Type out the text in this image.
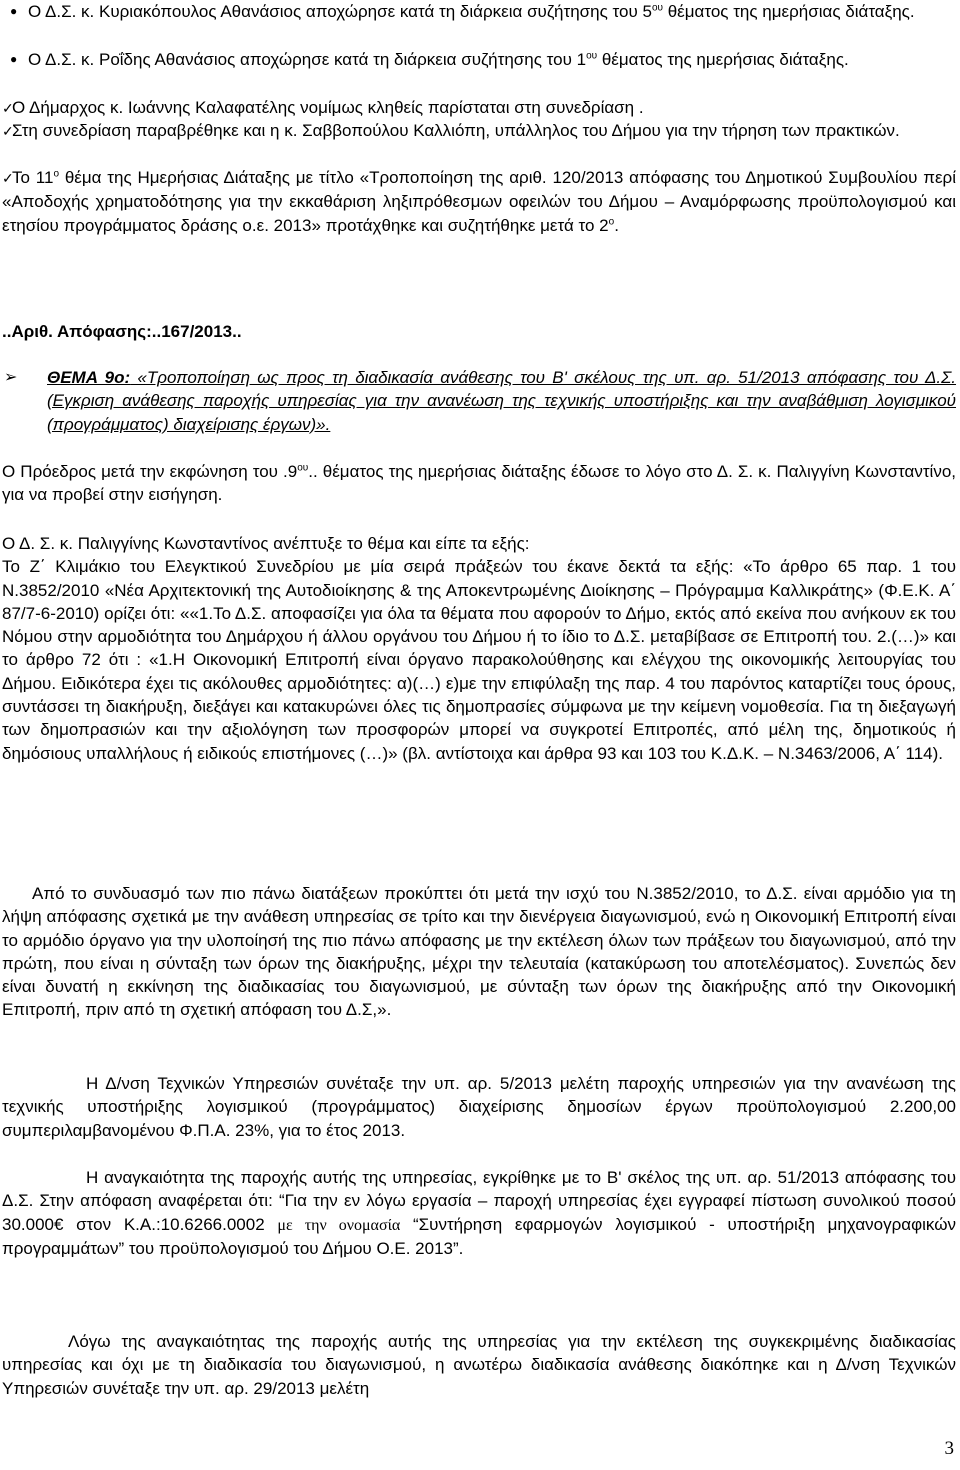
● Ο Δ.Σ. κ. Κυριακόπουλος Αθανάσιος αποχώρησε κατά τη διάρκεια συζήτησης του $5^{o\upsilon}$ θέματος της ημερήσιας διάταξης.
● Ο Δ.Σ. κ. Ροΐδης Αθανάσιος αποχώρησε κατά τη διάρκεια συζήτησης του $1^{o\upsilon}$ θέματος της ημερήσιας διάταξης.
✓Ο Δήμαρχος κ. Ιωάννης Καλαφατέλης νομίμως κληθείς παρίσταται στη συνεδρίαση .
✓Στη συνεδρίαση παραβρέθηκε και η κ. Σαββοπούλου Καλλιόπη, υπάλληλος του Δήμου για την τήρηση των πρακτικών.
✓Το $11^o$ θέμα της Ημερήσιας Διάταξης με τίτλο «Τροποποίηση της αριθ. 120/2013 απόφασης του Δημοτικού Συμβουλίου περί «Αποδοχής χρηματοδότησης για την εκκαθάριση ληξιπρόθεσμων οφειλών του Δήμου – Αναμόρφωσης προϋπολογισμού και ετησίου προγράμματος δράσης ο.ε. 2013» προτάχθηκε και συζητήθηκε μετά το $2^o$.
..Αριθ. Απόφασης:..167/2013..
➢ ΘΕΜΑ 9ο: «Τροποποίηση ως προς τη διαδικασία ανάθεσης του Β' σκέλους της υπ. αρ. 51/2013 απόφασης του Δ.Σ. (Εγκριση ανάθεσης παροχής υπηρεσίας για την ανανέωση της τεχνικής υποστήριξης και την αναβάθμιση λογισμικού (προγράμματος) διαχείρισης έργων)».
Ο Πρόεδρος μετά την εκφώνηση του $.9^{o\upsilon}$.. θέματος της ημερήσιας διάταξης έδωσε το λόγο στο Δ. Σ. κ. Παλιγγίνη Κωνσταντίνο, για να προβεί στην εισήγηση.
Ο Δ. Σ. κ. Παλιγγίνης Κωνσταντίνος ανέπτυξε το θέμα και είπε τα εξής:
Το Ζ΄ Κλιμάκιο του Ελεγκτικού Συνεδρίου με μία σειρά πράξεών του έκανε δεκτά τα εξής: «Το άρθρο 65 παρ. 1 του Ν.3852/2010 «Νέα Αρχιτεκτονική της Αυτοδιοίκησης & της Αποκεντρωμένης Διοίκησης – Πρόγραμμα Καλλικράτης» (Φ.Ε.Κ. Α΄ 87/7-6-2010) ορίζει ότι: ««1.Το Δ.Σ. αποφασίζει για όλα τα θέματα που αφορούν το Δήμο, εκτός από εκείνα που ανήκουν εκ του Νόμου στην αρμοδιότητα του Δημάρχου ή άλλου οργάνου του Δήμου ή το ίδιο το Δ.Σ. μεταβίβασε σε Επιτροπή του. 2.(…)» και το άρθρο 72 ότι : «1.Η Οικονομική Επιτροπή είναι όργανο παρακολούθησης και ελέγχου της οικονομικής λειτουργίας του Δήμου. Ειδικότερα έχει τις ακόλουθες αρμοδιότητες: α)(…) ε)με την επιφύλαξη της παρ. 4 του παρόντος καταρτίζει τους όρους, συντάσσει τη διακήρυξη, διεξάγει και κατακυρώνει όλες τις δημοπρασίες σύμφωνα με την κείμενη νομοθεσία. Για τη διεξαγωγή των δημοπρασιών και την αξιολόγηση των προσφορών μπορεί να συγκροτεί Επιτροπές, από μέλη της, δημοτικούς ή δημόσιους υπαλλήλους ή ειδικούς επιστήμονες (…)» (βλ. αντίστοιχα και άρθρα 93 και 103 του Κ.Δ.Κ. – Ν.3463/2006, Α΄ 114).
Από το συνδυασμό των πιο πάνω διατάξεων προκύπτει ότι μετά την ισχύ του Ν.3852/2010, το Δ.Σ. είναι αρμόδιο για τη λήψη απόφασης σχετικά με την ανάθεση υπηρεσίας σε τρίτο και την διενέργεια διαγωνισμού, ενώ η Οικονομική Επιτροπή είναι το αρμόδιο όργανο για την υλοποίησή της πιο πάνω απόφασης με την εκτέλεση όλων των πράξεων του διαγωνισμού, από την πρώτη, που είναι η σύνταξη των όρων της διακήρυξης, μέχρι την τελευταία (κατακύρωση του αποτελέσματος). Συνεπώς δεν είναι δυνατή η εκκίνηση της διαδικασίας του διαγωνισμού, με σύνταξη των όρων της διακήρυξης από την Οικονομική Επιτροπή, πριν από τη σχετική απόφαση του Δ.Σ,».
Η Δ/νση Τεχνικών Υπηρεσιών συνέταξε την υπ. αρ. 5/2013 μελέτη παροχής υπηρεσιών για την ανανέωση της τεχνικής υποστήριξης λογισμικού (προγράμματος) διαχείρισης δημοσίων έργων προϋπολογισμού 2.200,00 συμπεριλαμβανομένου Φ.Π.Α. 23%, για το έτος 2013.
Η αναγκαιότητα της παροχής αυτής της υπηρεσίας, εγκρίθηκε με το Β' σκέλος της υπ. αρ. 51/2013 απόφασης του Δ.Σ. Στην απόφαση αναφέρεται ότι: “Για την εν λόγω εργασία – παροχή υπηρεσίας έχει εγγραφεί πίστωση συνολικού ποσού 30.000€ στον Κ.Α.:10.6266.0002 με την ονομασία “Συντήρηση εφαρμογών λογισμικού - υποστήριξη μηχανογραφικών προγραμμάτων” του προϋπολογισμού του Δήμου Ο.Ε. 2013”.
Λόγω της αναγκαιότητας της παροχής αυτής της υπηρεσίας για την εκτέλεση της συγκεκριμένης διαδικασίας υπηρεσίας και όχι με τη διαδικασία του διαγωνισμού, η ανωτέρω διαδικασία ανάθεσης διακόπηκε και η Δ/νση Τεχνικών Υπηρεσιών συνέταξε την υπ. αρ. 29/2013 μελέτη
3
